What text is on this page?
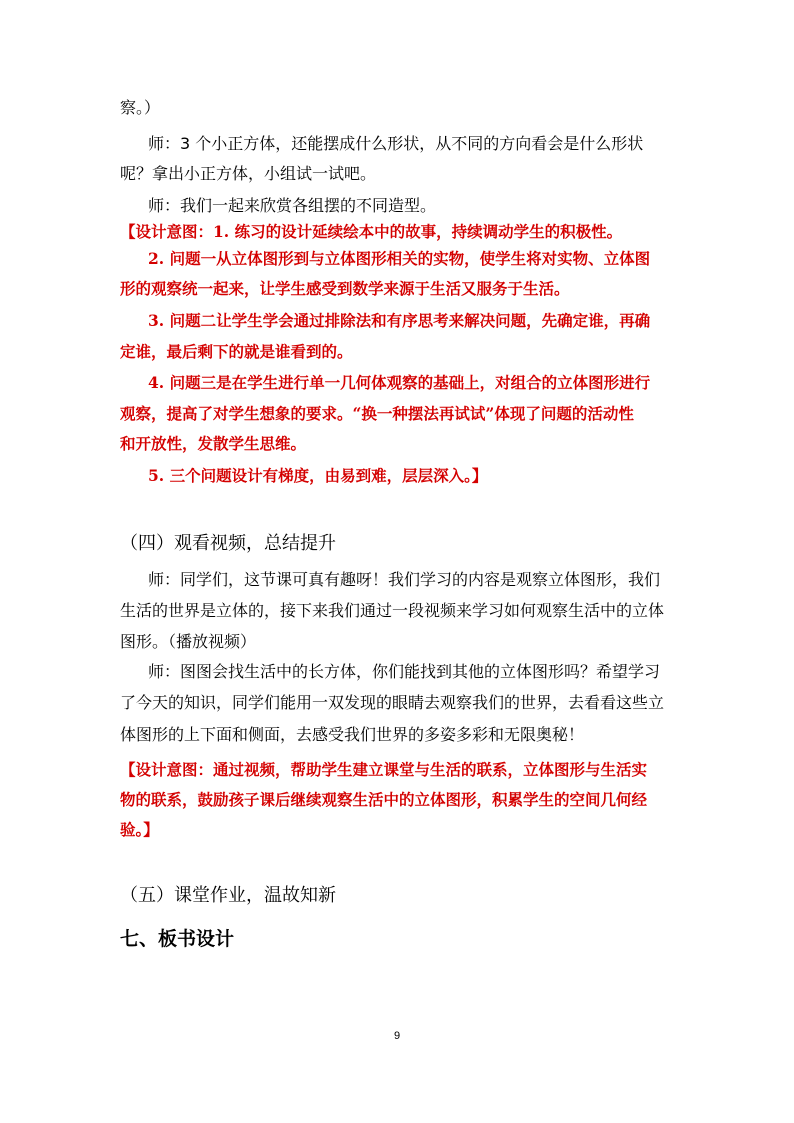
察。）
师：3 个小正方体，还能摆成什么形状，从不同的方向看会是什么形状
呢？拿出小正方体，小组试一试吧。
师：我们一起来欣赏各组摆的不同造型。
【设计意图：1. 练习的设计延续绘本中的故事，持续调动学生的积极性。
2. 问题一从立体图形到与立体图形相关的实物，使学生将对实物、立体图
形的观察统一起来，让学生感受到数学来源于生活又服务于生活。
3. 问题二让学生学会通过排除法和有序思考来解决问题，先确定谁，再确
定谁，最后剩下的就是谁看到的。
4. 问题三是在学生进行单一几何体观察的基础上，对组合的立体图形进行
观察，提高了对学生想象的要求。“换一种摆法再试试”体现了问题的活动性
和开放性，发散学生思维。
5. 三个问题设计有梯度，由易到难，层层深入。】
（四）观看视频，总结提升
师：同学们，这节课可真有趣呀！我们学习的内容是观察立体图形，我们
生活的世界是立体的，接下来我们通过一段视频来学习如何观察生活中的立体
图形。（播放视频）
师：图图会找生活中的长方体，你们能找到其他的立体图形吗？希望学习
了今天的知识，同学们能用一双发现的眼睛去观察我们的世界，去看看这些立
体图形的上下面和侧面，去感受我们世界的多姿多彩和无限奥秘！
【设计意图：通过视频，帮助学生建立课堂与生活的联系，立体图形与生活实
物的联系，鼓励孩子课后继续观察生活中的立体图形，积累学生的空间几何经
验。】
（五）课堂作业，温故知新
七、板书设计
9
